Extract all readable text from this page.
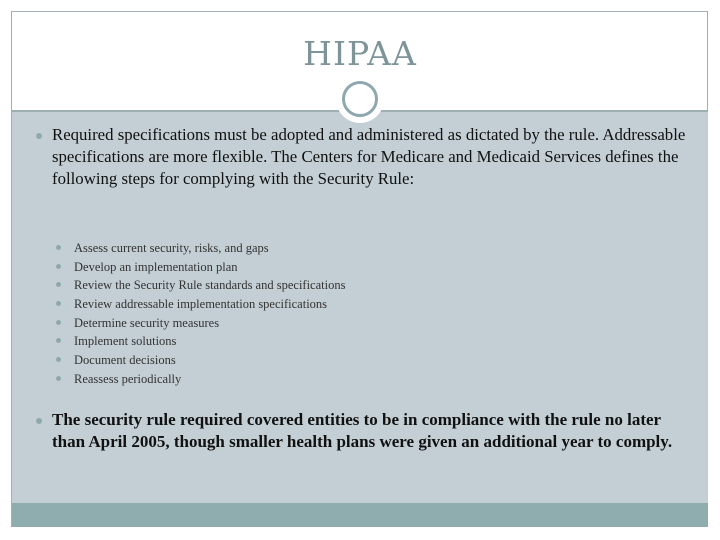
HIPAA
Required specifications must be adopted and administered as dictated by the rule. Addressable specifications are more flexible. The Centers for Medicare and Medicaid Services defines the following steps for complying with the Security Rule:
Assess current security, risks, and gaps
Develop an implementation plan
Review the Security Rule standards and specifications
Review addressable implementation specifications
Determine security measures
Implement solutions
Document decisions
Reassess periodically
The security rule required covered entities to be in compliance with the rule no later than April 2005, though smaller health plans were given an additional year to comply.
